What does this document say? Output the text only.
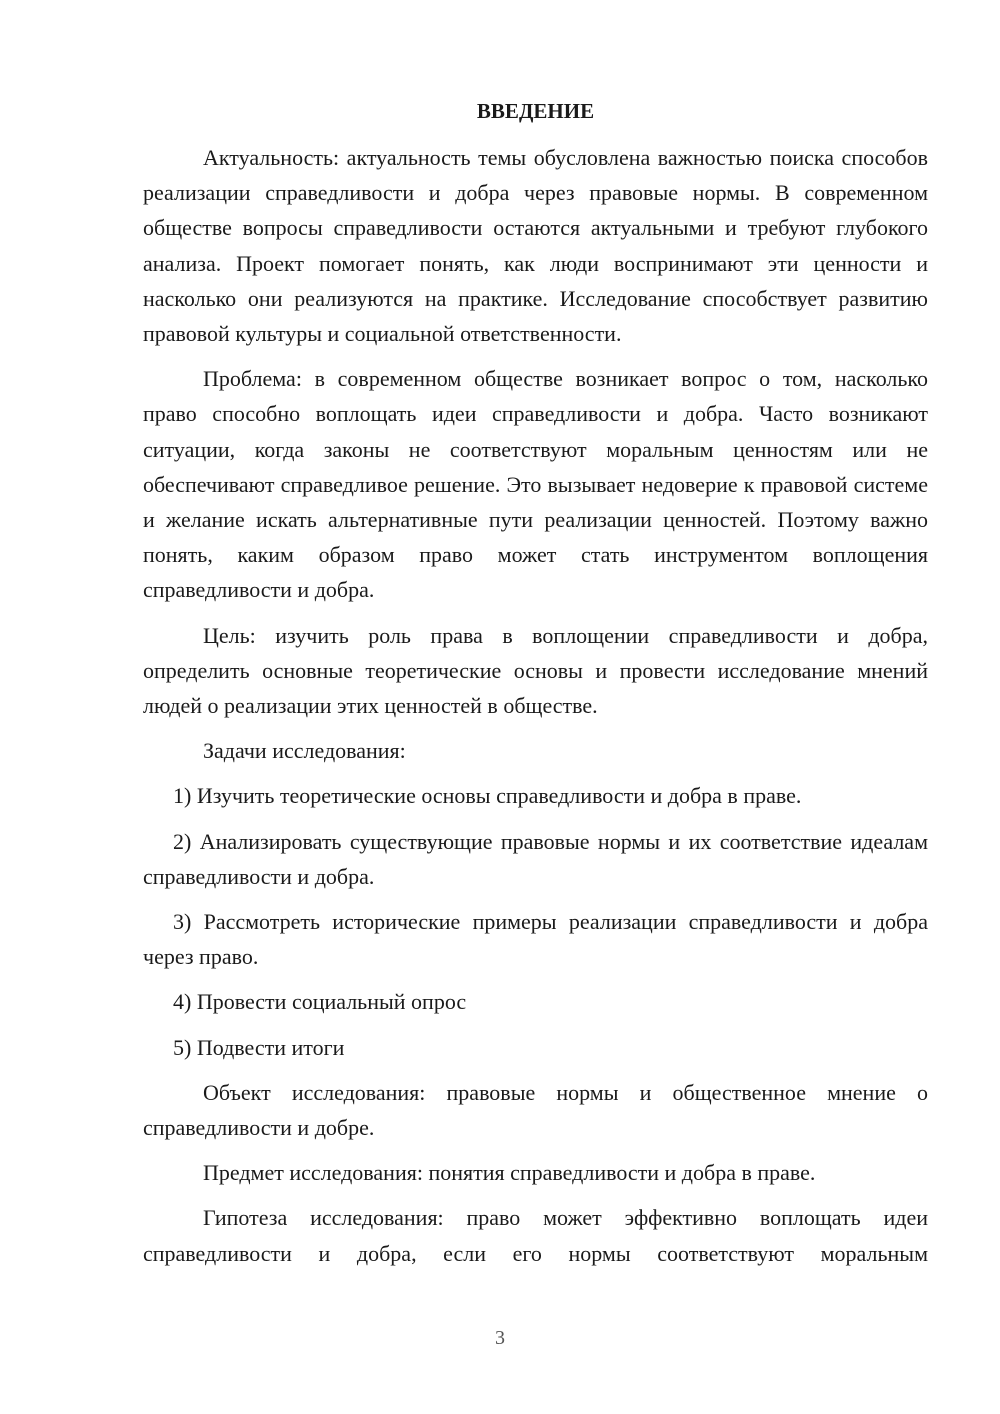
ВВЕДЕНИЕ

Актуальность: актуальность темы обусловлена важностью поиска способов реализации справедливости и добра через правовые нормы. В современном обществе вопросы справедливости остаются актуальными и требуют глубокого анализа. Проект помогает понять, как люди воспринимают эти ценности и насколько они реализуются на практике. Исследование способствует развитию правовой культуры и социальной ответственности.

Проблема: в современном обществе возникает вопрос о том, насколько право способно воплощать идеи справедливости и добра. Часто возникают ситуации, когда законы не соответствуют моральным ценностям или не обеспечивают справедливое решение. Это вызывает недоверие к правовой системе и желание искать альтернативные пути реализации ценностей. Поэтому важно понять, каким образом право может стать инструментом воплощения справедливости и добра.

Цель: изучить роль права в воплощении справедливости и добра, определить основные теоретические основы и провести исследование мнений людей о реализации этих ценностей в обществе.

Задачи исследования:

1) Изучить теоретические основы справедливости и добра в праве.

2) Анализировать существующие правовые нормы и их соответствие идеалам справедливости и добра.

3) Рассмотреть исторические примеры реализации справедливости и добра через право.

4) Провести социальный опрос

5) Подвести итоги

Объект исследования: правовые нормы и общественное мнение о справедливости и добре.

Предмет исследования: понятия справедливости и добра в праве.

Гипотеза исследования: право может эффективно воплощать идеи справедливости и добра, если его нормы соответствуют моральным

3
